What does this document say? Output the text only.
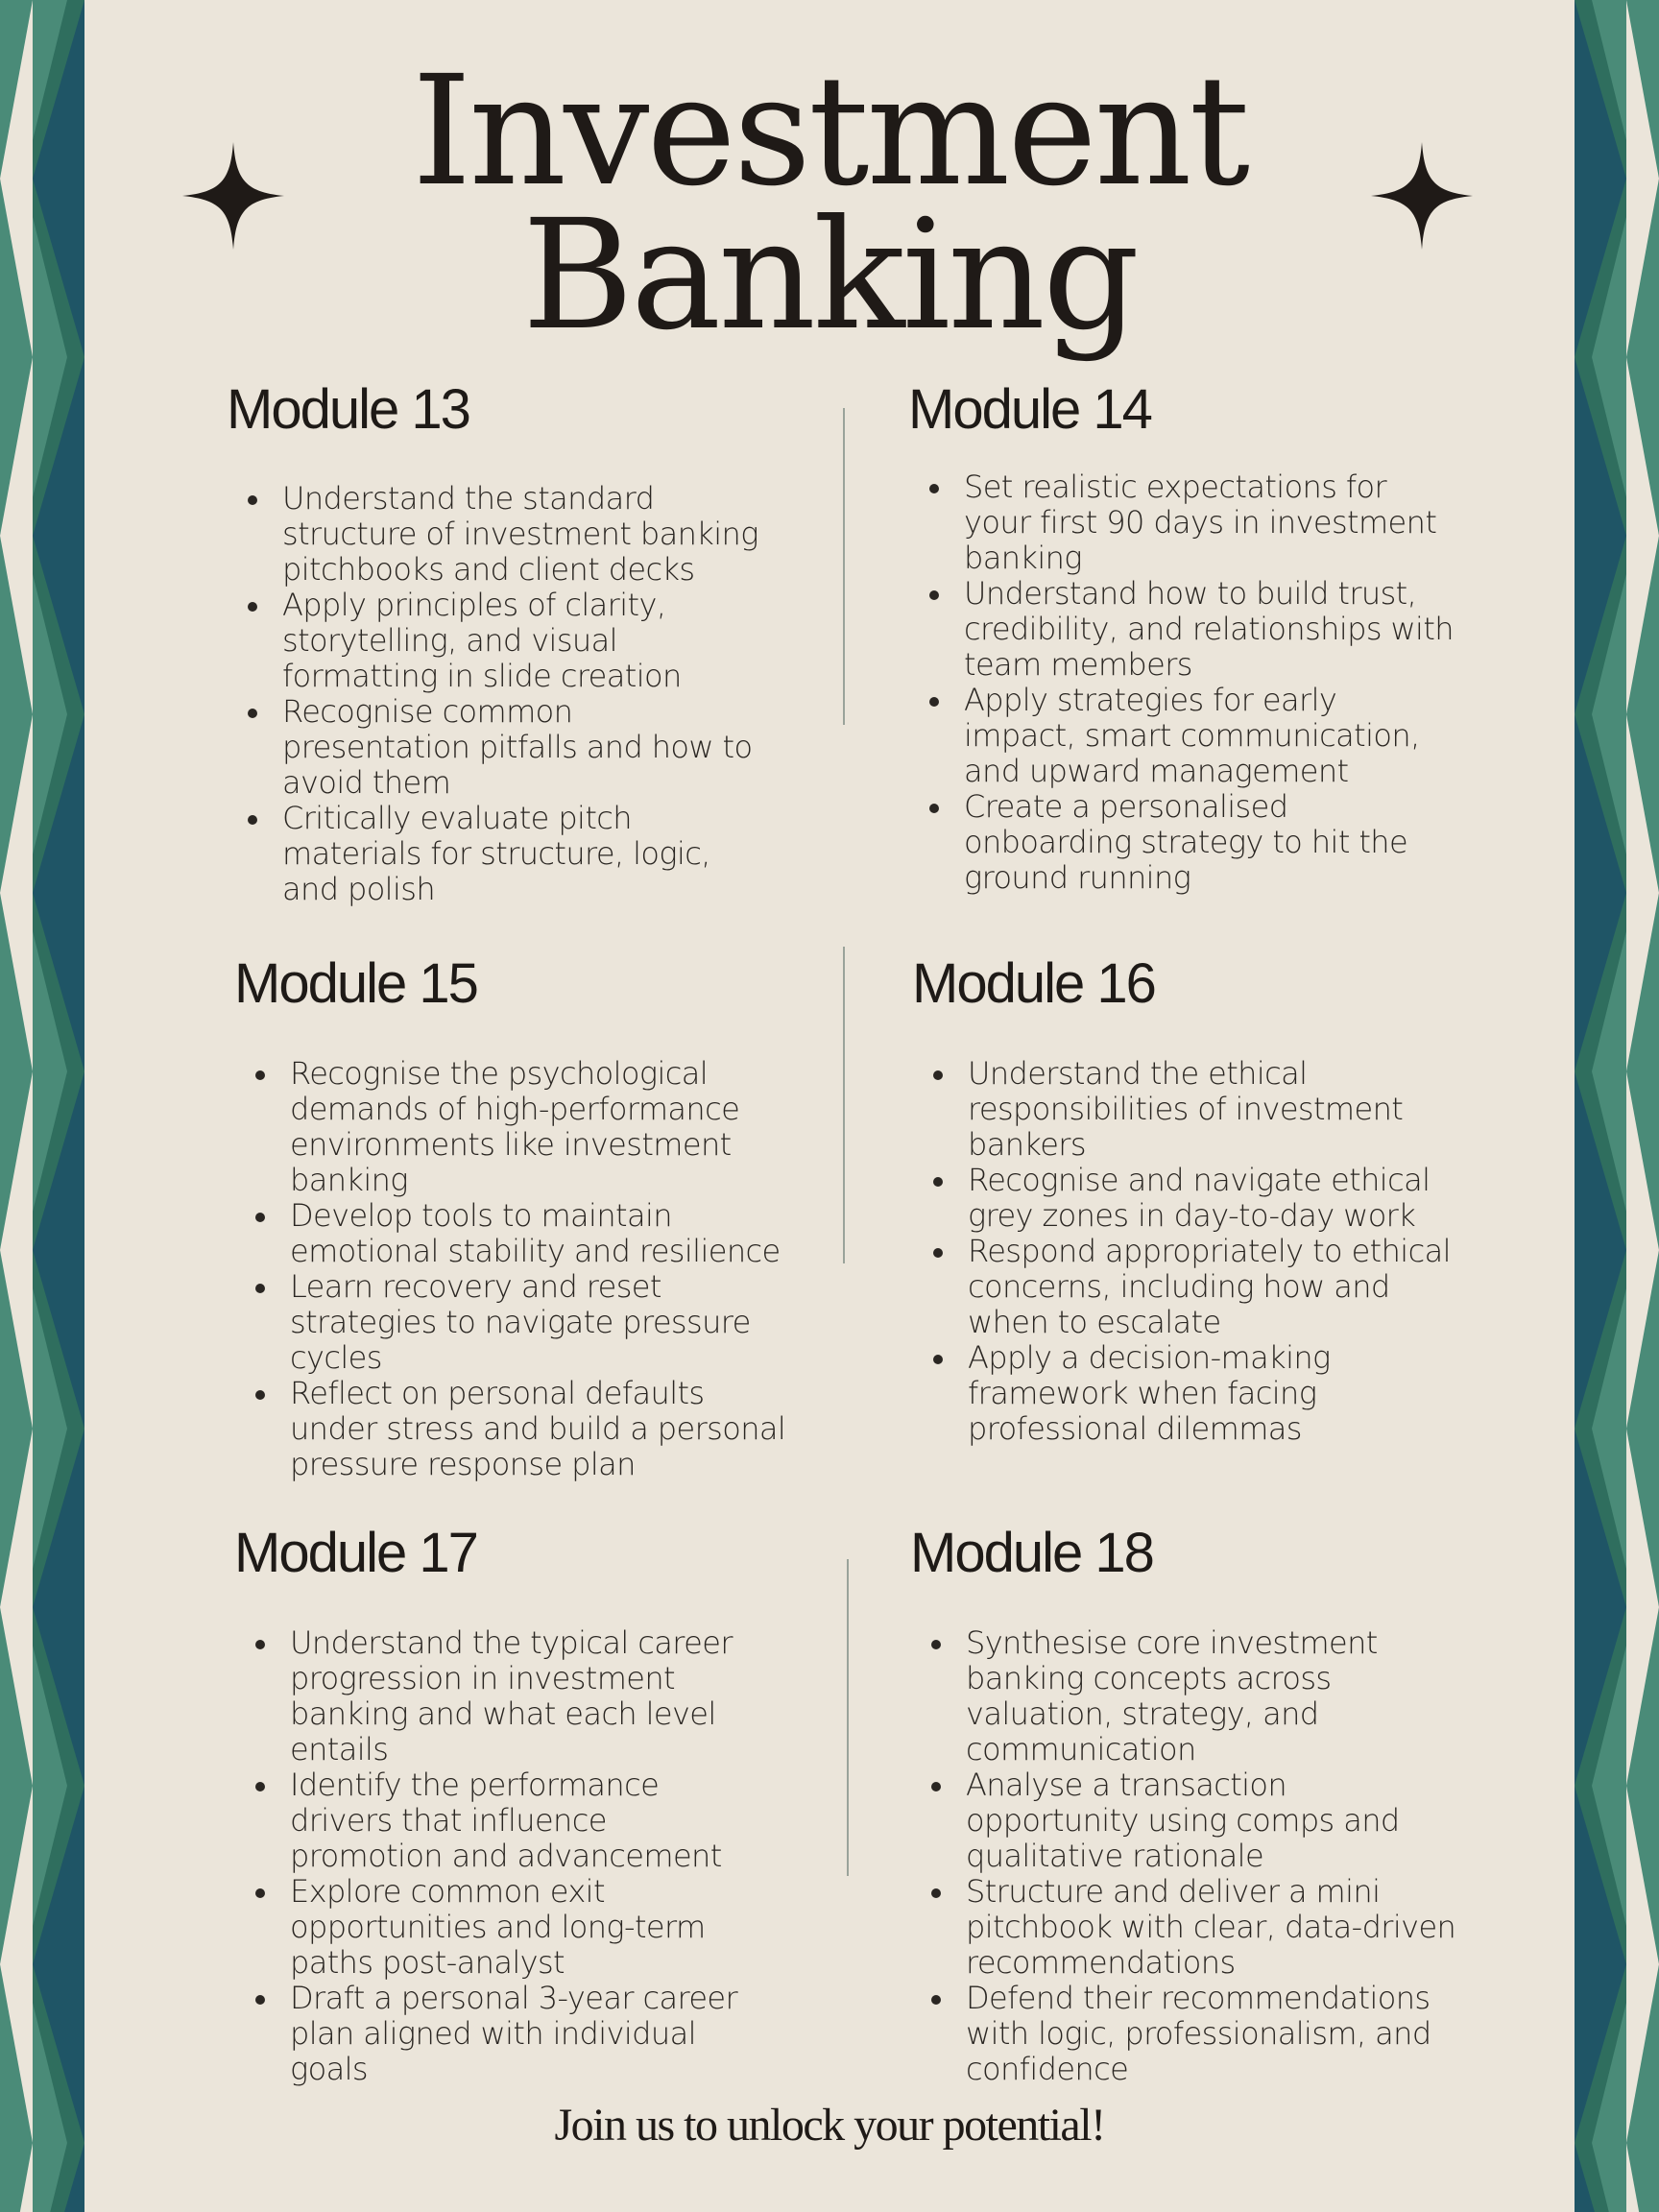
Investment
Banking
Module 13
Understand the standard structure of investment banking pitchbooks and client decks
Apply principles of clarity, storytelling, and visual formatting in slide creation
Recognise common presentation pitfalls and how to avoid them
Critically evaluate pitch materials for structure, logic, and polish
Module 14
Set realistic expectations for your first 90 days in investment banking
Understand how to build trust, credibility, and relationships with team members
Apply strategies for early impact, smart communication, and upward management
Create a personalised onboarding strategy to hit the ground running
Module 15
Recognise the psychological demands of high-performance environments like investment banking
Develop tools to maintain emotional stability and resilience
Learn recovery and reset strategies to navigate pressure cycles
Reflect on personal defaults under stress and build a personal pressure response plan
Module 16
Understand the ethical responsibilities of investment bankers
Recognise and navigate ethical grey zones in day-to-day work
Respond appropriately to ethical concerns, including how and when to escalate
Apply a decision-making framework when facing professional dilemmas
Module 17
Understand the typical career progression in investment banking and what each level entails
Identify the performance drivers that influence promotion and advancement
Explore common exit opportunities and long-term paths post-analyst
Draft a personal 3-year career plan aligned with individual goals
Module 18
Synthesise core investment banking concepts across valuation, strategy, and communication
Analyse a transaction opportunity using comps and qualitative rationale
Structure and deliver a mini pitchbook with clear, data-driven recommendations
Defend their recommendations with logic, professionalism, and confidence
Join us to unlock your potential!
